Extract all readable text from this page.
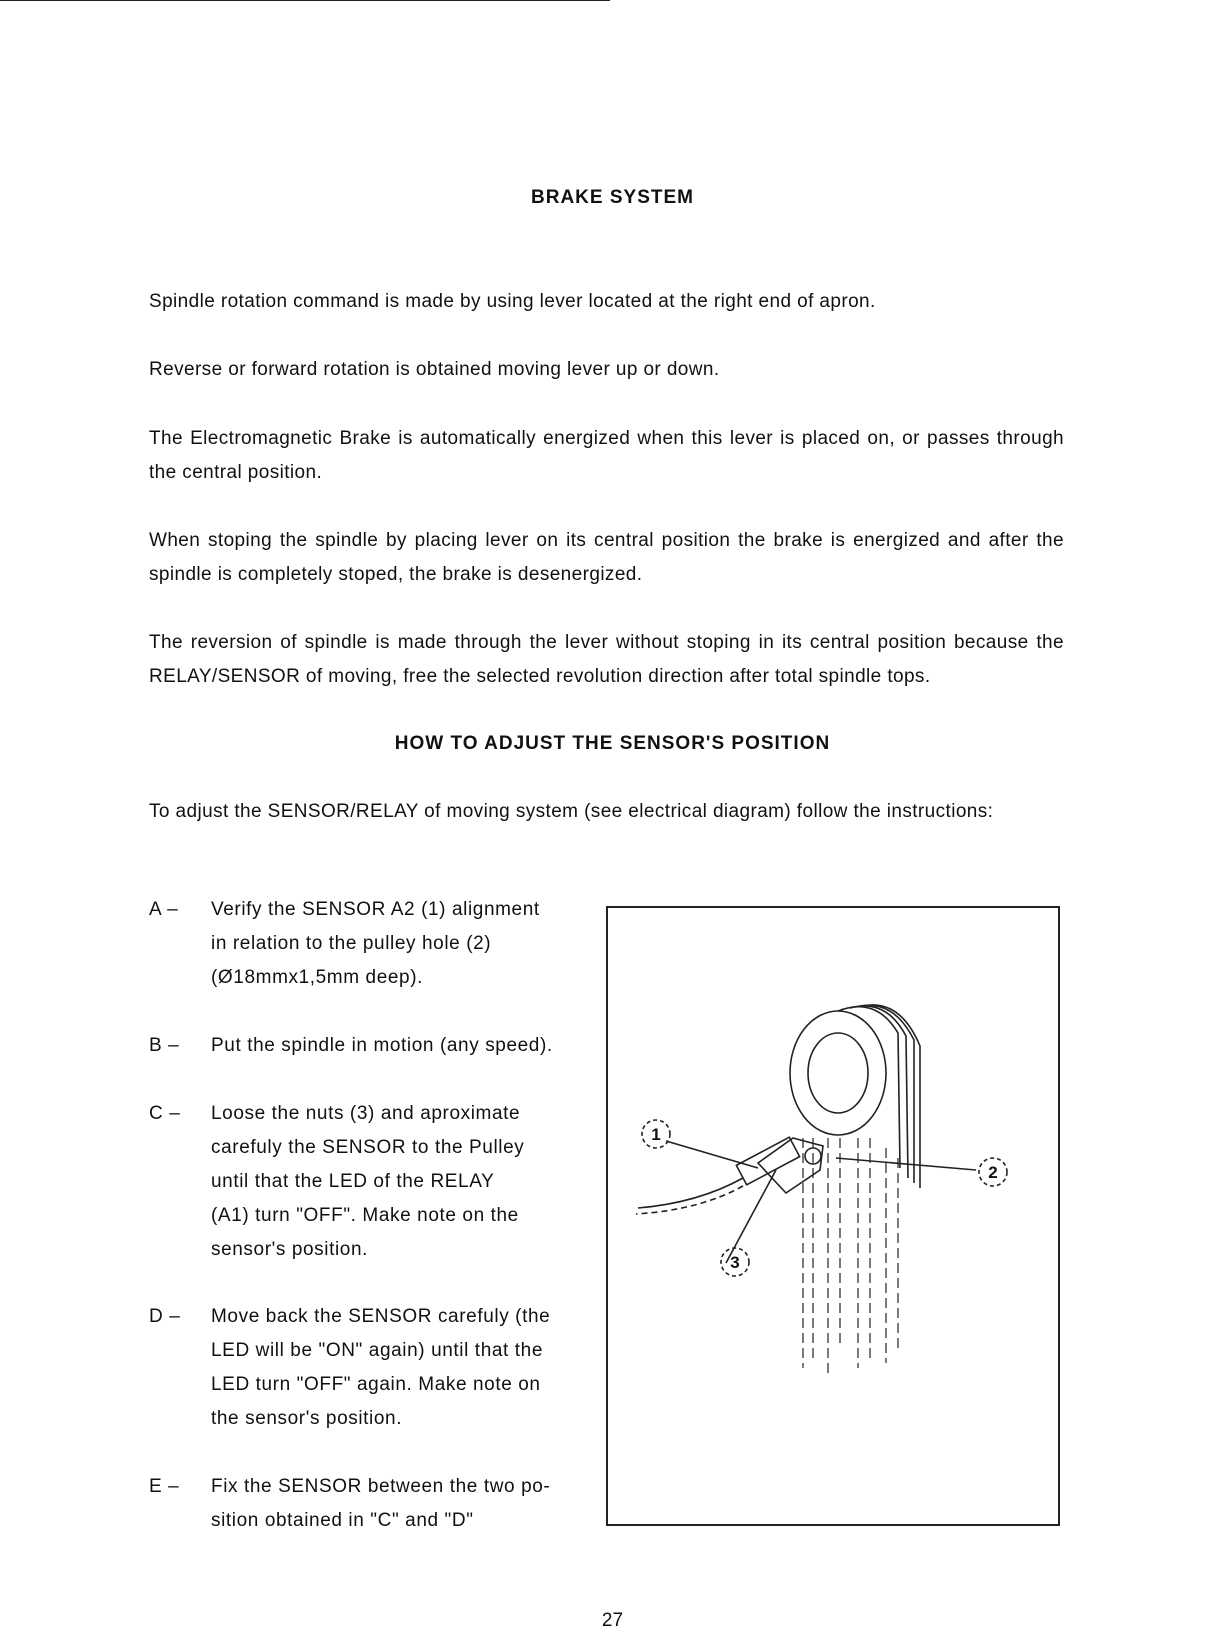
BRAKE SYSTEM
Spindle rotation command is made by using lever located at the right end of apron.
Reverse or forward rotation is obtained moving lever up or down.
The Electromagnetic Brake is automatically energized when this lever is placed on, or passes through the central position.
When stoping the spindle by placing lever on its central position the brake is energized and after the spindle is completely stoped, the brake is desenergized.
The reversion of spindle is made through the lever without stoping in its central position because the RELAY/SENSOR of moving, free the selected revolution direction after total spindle tops.
HOW TO ADJUST THE SENSOR'S POSITION
To adjust the SENSOR/RELAY of moving system (see electrical diagram) follow the instructions:
A –	Verify the SENSOR A2 (1) alignment
in relation to the pulley hole (2)
(Ø18mmx1,5mm deep).
B –	Put the spindle in motion (any speed).
C –	Loose the nuts (3) and aproximate
carefuly the SENSOR to the Pulley
until that the LED of the RELAY
(A1) turn "OFF". Make note on the
sensor's position.
D –	Move back the SENSOR carefuly (the
LED will be "ON" again) until that the
LED turn "OFF" again. Make note on
the sensor's position.
E –	Fix the SENSOR between the two po-
sition obtained in "C" and "D"
1
2
3
27
